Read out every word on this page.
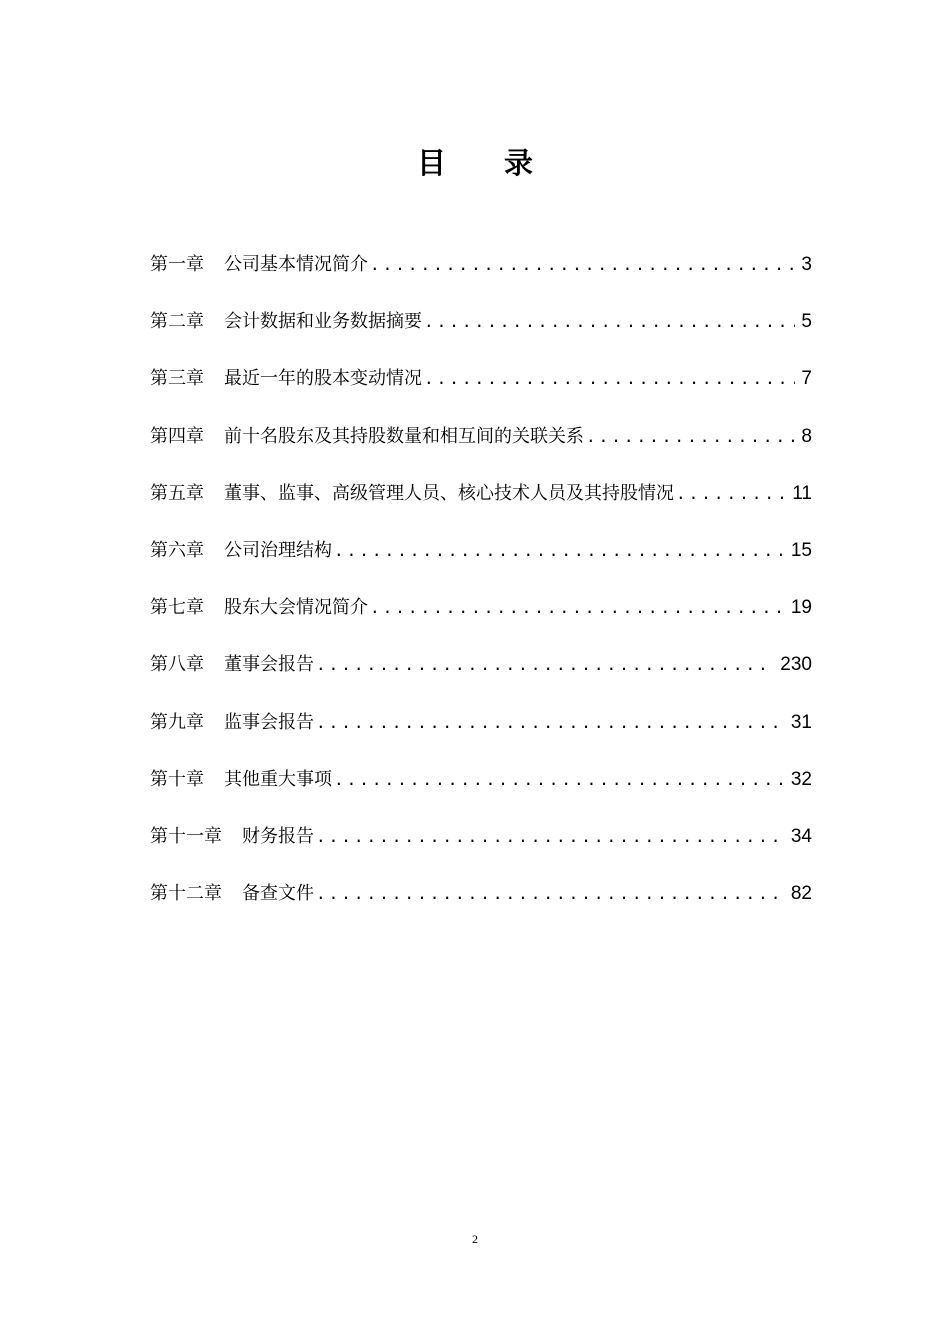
目 录
第一章 公司基本情况简介 .....	3
第二章 会计数据和业务数据摘要 .....	5
第三章 最近一年的股本变动情况 .....	7
第四章 前十名股东及其持股数量和相互间的关联关系 .....	8
第五章 董事、监事、高级管理人员、核心技术人员及其持股情况 .....	11
第六章 公司治理结构 .....	15
第七章 股东大会情况简介 .....	19
第八章 董事会报告 .....	230
第九章 监事会报告 .....	31
第十章 其他重大事项 .....	32
第十一章 财务报告 .....	34
第十二章 备查文件 .....	82
2
